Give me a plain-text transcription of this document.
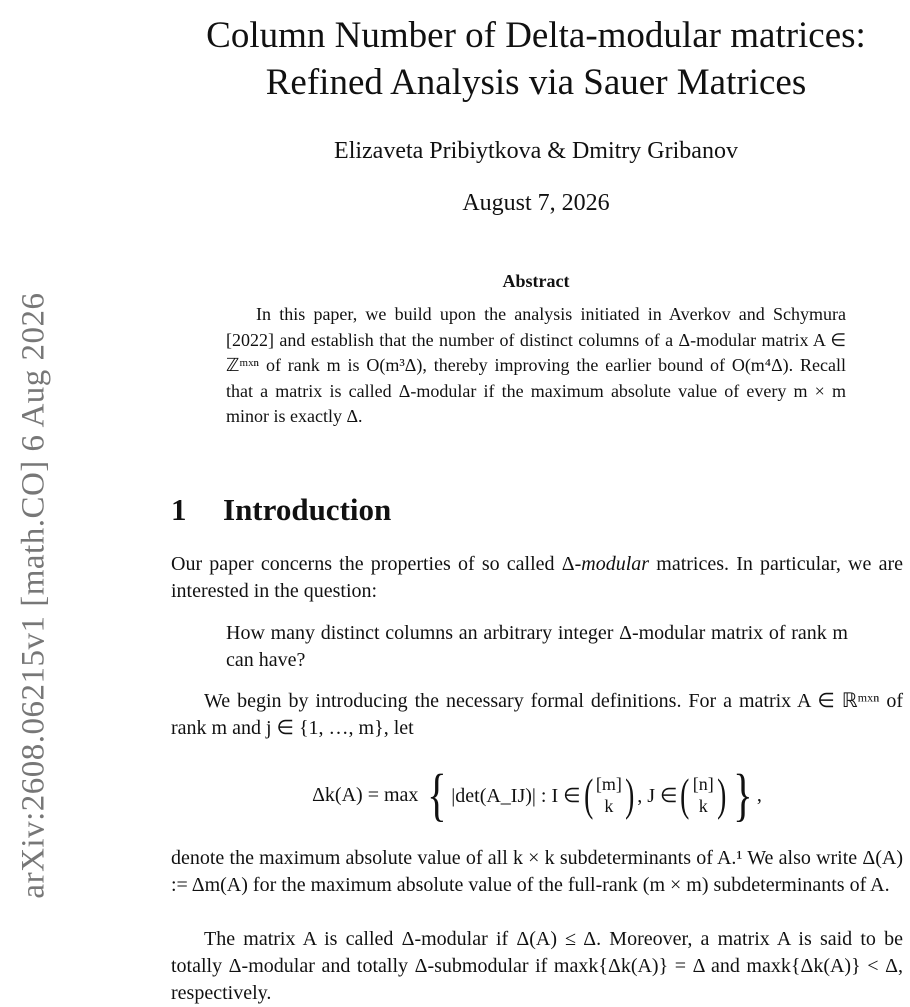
arXiv:2608.06215v1 [math.CO] 6 Aug 2026
Column Number of Delta-modular matrices:
Refined Analysis via Sauer Matrices
Elizaveta Pribiytkova & Dmitry Gribanov
August 7, 2026
Abstract
In this paper, we build upon the analysis initiated in Averkov and Schymura [2022] and establish that the number of distinct columns of a Δ-modular matrix A ∈ ℤᵐˣⁿ of rank m is O(m³Δ), thereby improving the earlier bound of O(m⁴Δ). Recall that a matrix is called Δ-modular if the maximum absolute value of every m × m minor is exactly Δ.
1 Introduction
Our paper concerns the properties of so called Δ-modular matrices. In particular, we are interested in the question:
How many distinct columns an arbitrary integer Δ-modular matrix of rank m can have?
We begin by introducing the necessary formal definitions. For a matrix A ∈ ℝᵐˣⁿ of rank m and j ∈ {1, …, m}, let
Δk(A) = max
{ |det(A_IJ)| : I ∈ ( [m]
k ) , J ∈ ( [n]
k ) } ,
denote the maximum absolute value of all k × k subdeterminants of A.¹ We also write Δ(A) := Δm(A) for the maximum absolute value of the full-rank (m × m) subdeterminants of A.
The matrix A is called Δ-modular if Δ(A) ≤ Δ. Moreover, a matrix A is said to be totally Δ-modular and totally Δ-submodular if maxk{Δk(A)} = Δ and maxk{Δk(A)} < Δ, respectively.
